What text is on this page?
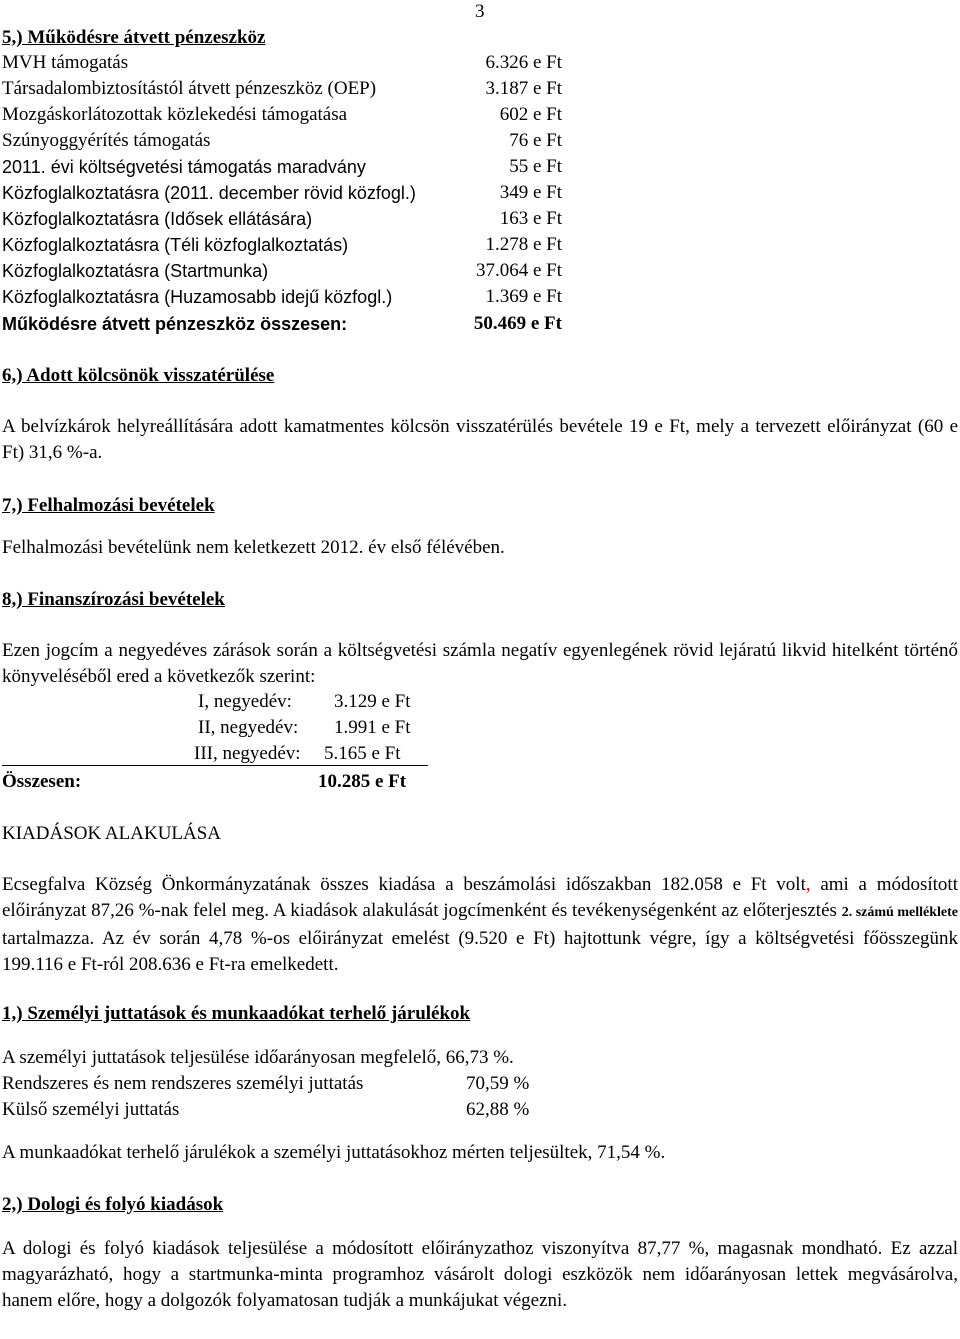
3
5,) Működésre átvett pénzeszköz
MVH támogatás	6.326 e Ft
Társadalombiztosítástól átvett pénzeszköz (OEP)	3.187 e Ft
Mozgáskorlátozottak közlekedési támogatása	602 e Ft
Szúnyoggyérítés támogatás	76 e Ft
2011. évi költségvetési támogatás maradvány	55 e Ft
Közfoglalkoztatásra (2011. december rövid közfogl.)	349 e Ft
Közfoglalkoztatásra (Idősek ellátására)	163 e Ft
Közfoglalkoztatásra (Téli közfoglalkoztatás)	1.278 e Ft
Közfoglalkoztatásra (Startmunka)	37.064 e Ft
Közfoglalkoztatásra (Huzamosabb idejű közfogl.)	1.369 e Ft
Működésre átvett pénzeszköz összesen:	50.469 e Ft
6,) Adott kölcsönök visszatérülése
A belvízkárok helyreállítására adott kamatmentes kölcsön visszatérülés bevétele 19 e Ft, mely a tervezett előirányzat (60 e Ft) 31,6 %-a.
7,) Felhalmozási bevételek
Felhalmozási bevételünk nem keletkezett 2012. év első félévében.
8,) Finanszírozási bevételek
Ezen jogcím a negyedéves zárások során a költségvetési számla negatív egyenlegének rövid lejáratú likvid hitelként történő könyveléséből ered a következők szerint:
I, negyedév: 3.129 e Ft
II, negyedév: 1.991 e Ft
III, negyedév: 5.165 e Ft
Összesen:	10.285 e Ft
KIADÁSOK ALAKULÁSA
Ecsegfalva Község Önkormányzatának összes kiadása a beszámolási időszakban 182.058 e Ft volt, ami a módosított előirányzat 87,26 %-nak felel meg. A kiadások alakulását jogcímenként és tevékenységenként az előterjesztés 2. számú melléklete tartalmazza. Az év során 4,78 %-os előirányzat emelést (9.520 e Ft) hajtottunk végre, így a költségvetési főösszegünk 199.116 e Ft-ról 208.636 e Ft-ra emelkedett.
1,) Személyi juttatások és munkaadókat terhelő járulékok
A személyi juttatások teljesülése időarányosan megfelelő, 66,73 %.
Rendszeres és nem rendszeres személyi juttatás	70,59 %
Külső személyi juttatás	62,88 %
A munkaadókat terhelő járulékok a személyi juttatásokhoz mérten teljesültek, 71,54 %.
2,) Dologi és folyó kiadások
A dologi és folyó kiadások teljesülése a módosított előirányzathoz viszonyítva 87,77 %, magasnak mondható. Ez azzal magyarázható, hogy a startmunka-minta programhoz vásárolt dologi eszközök nem időarányosan lettek megvásárolva, hanem előre, hogy a dolgozók folyamatosan tudják a munkájukat végezni.
